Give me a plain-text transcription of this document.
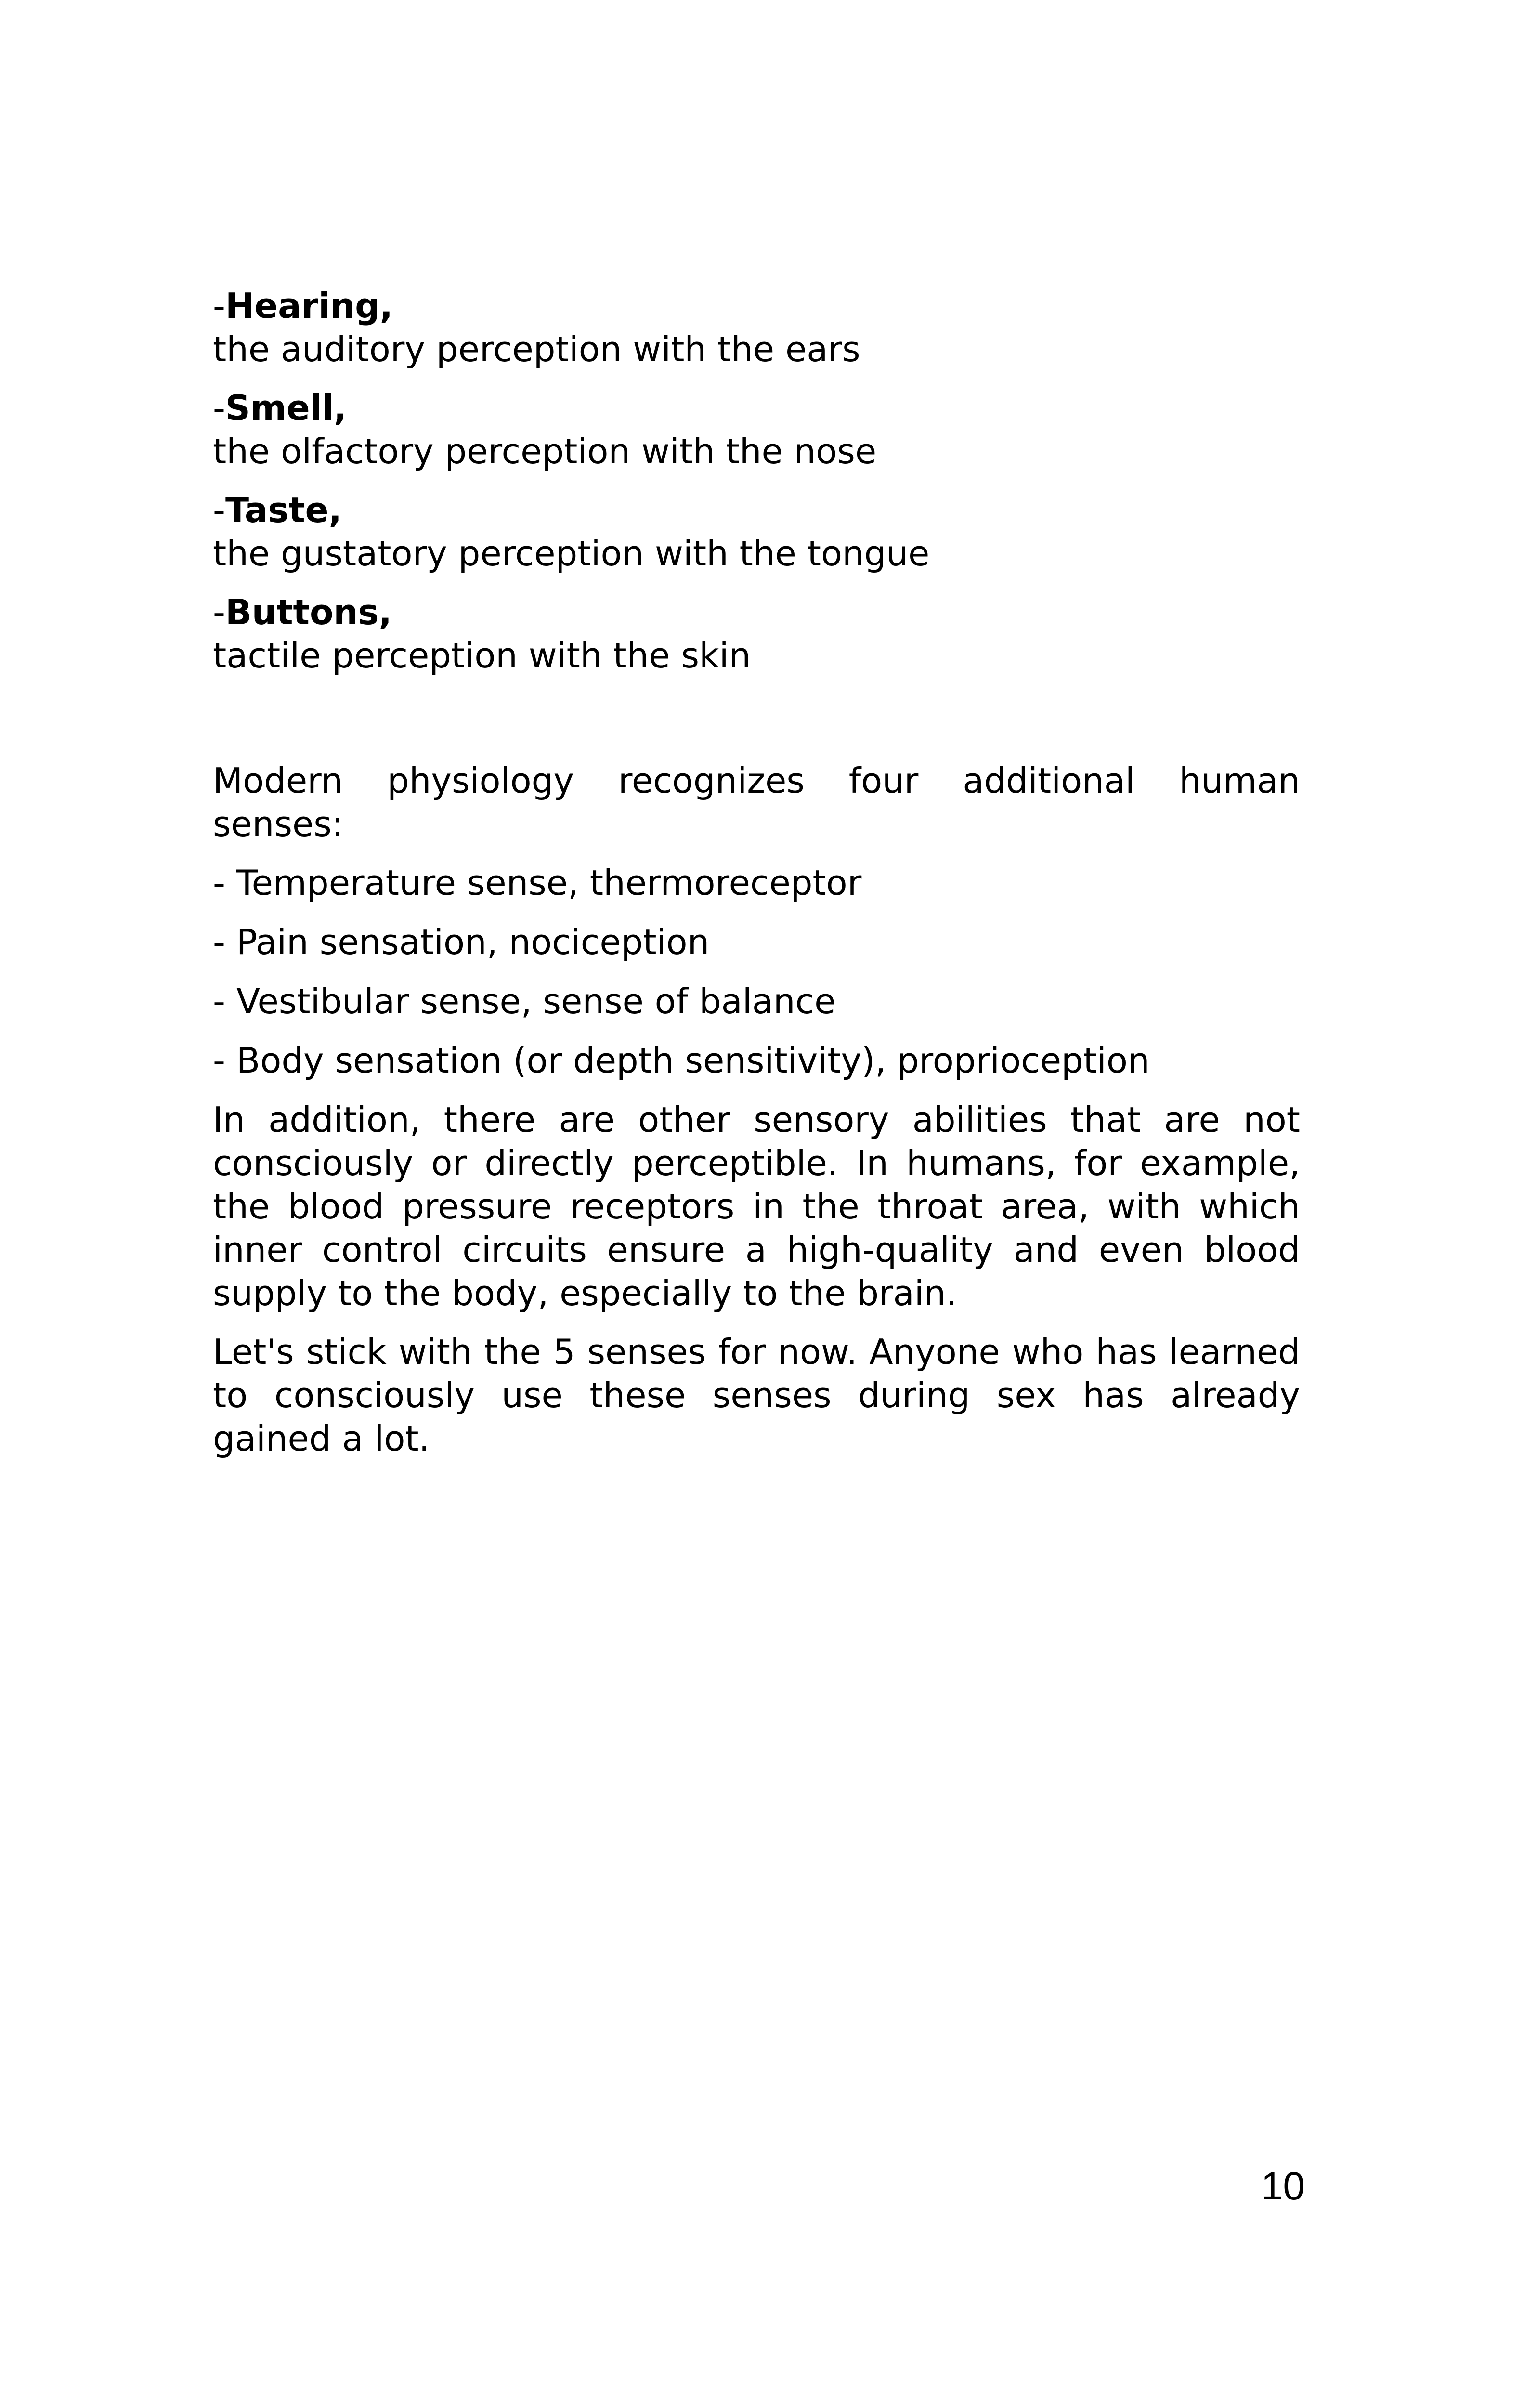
-Hearing,
the auditory perception with the ears
-Smell,
the olfactory perception with the nose
-Taste,
the gustatory perception with the tongue
-Buttons,
tactile perception with the skin
Modern physiology recognizes four additional human
senses:
- Temperature sense, thermoreceptor
- Pain sensation, nociception
- Vestibular sense, sense of balance
- Body sensation (or depth sensitivity), proprioception

In addition, there are other sensory abilities that are not consciously or directly perceptible. In humans, for example, the blood pressure receptors in the throat area, with which inner control circuits ensure a high-quality and even blood supply to the body, especially to the brain.

Let's stick with the 5 senses for now. Anyone who has learned to consciously use these senses during sex has already gained a lot.

10
